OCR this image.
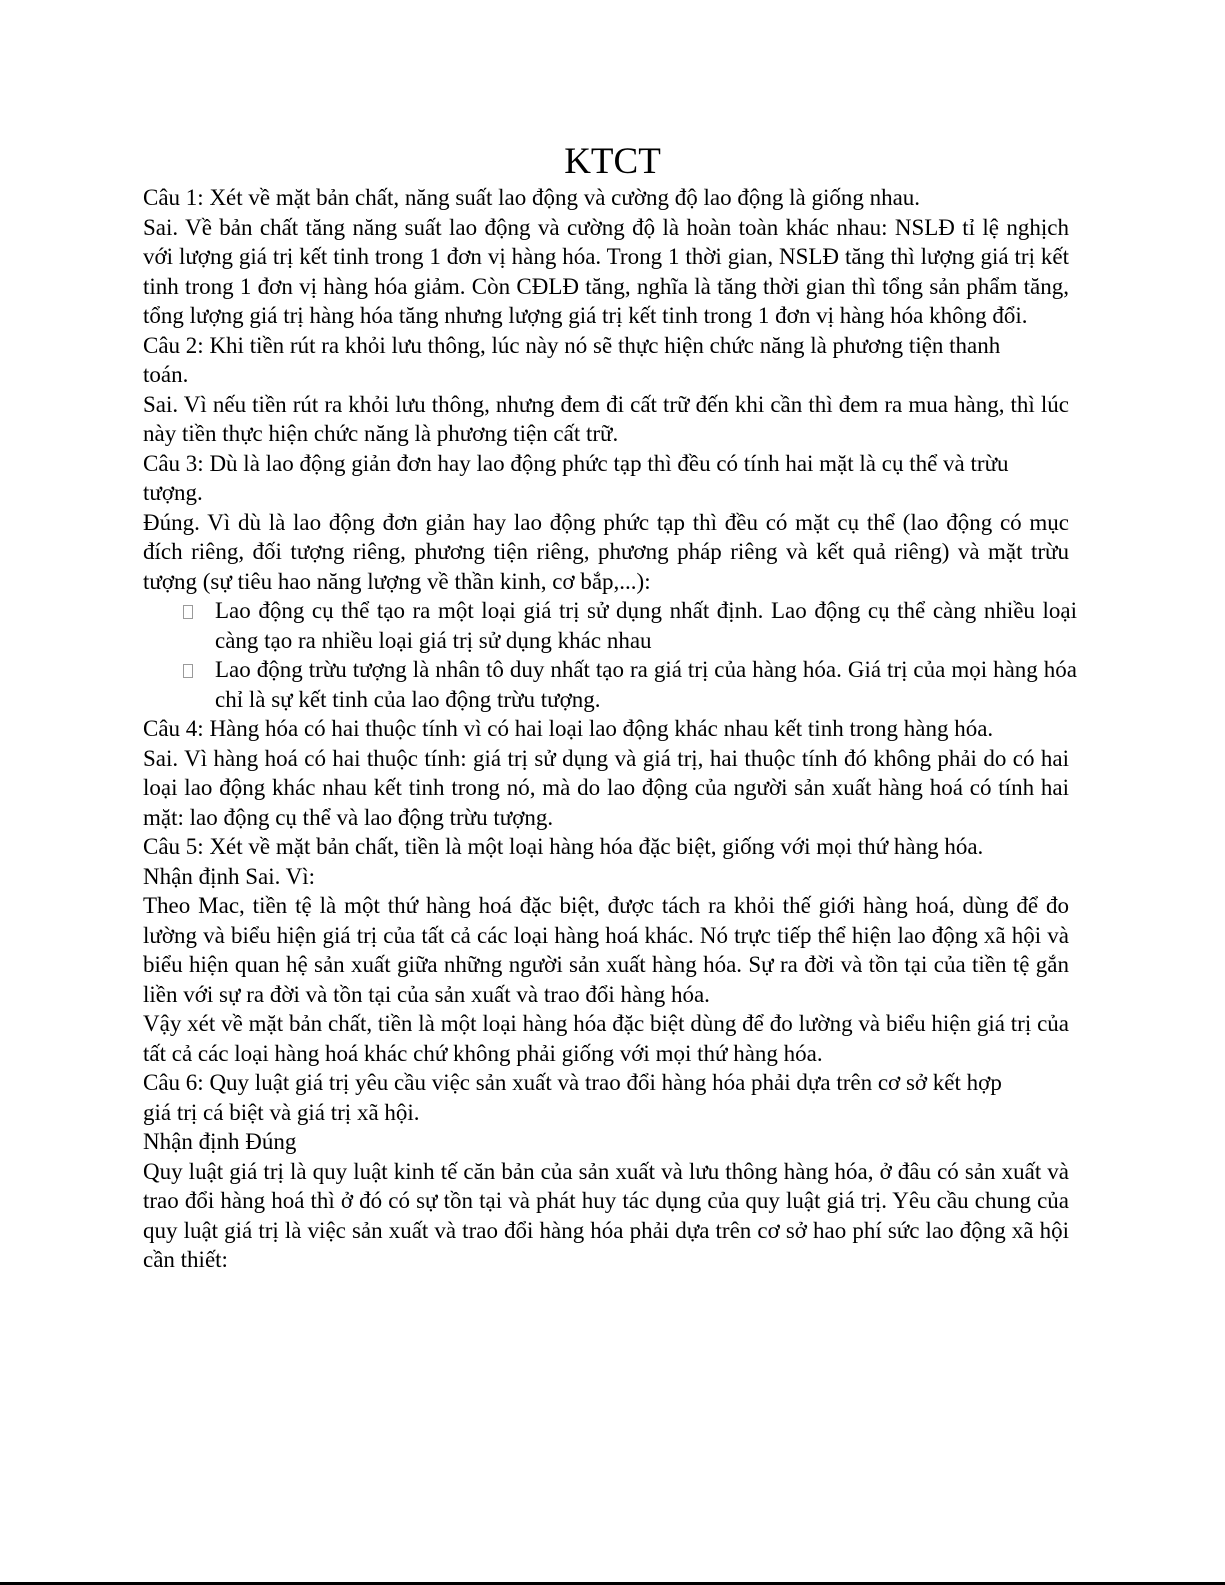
KTCT

Câu 1: Xét về mặt bản chất, năng suất lao động và cường độ lao động là giống nhau.

Sai. Về bản chất tăng năng suất lao động và cường độ là hoàn toàn khác nhau: NSLĐ tỉ lệ nghịch với lượng giá trị kết tinh trong 1 đơn vị hàng hóa. Trong 1 thời gian, NSLĐ tăng thì lượng giá trị kết tinh trong 1 đơn vị hàng hóa giảm. Còn CĐLĐ tăng, nghĩa là tăng thời gian thì tổng sản phẩm tăng, tổng lượng giá trị hàng hóa tăng nhưng lượng giá trị kết tinh trong 1 đơn vị hàng hóa không đổi.

Câu 2: Khi tiền rút ra khỏi lưu thông, lúc này nó sẽ thực hiện chức năng là phương tiện thanh toán.

Sai. Vì nếu tiền rút ra khỏi lưu thông, nhưng đem đi cất trữ đến khi cần thì đem ra mua hàng, thì lúc này tiền thực hiện chức năng là phương tiện cất trữ.

Câu 3: Dù là lao động giản đơn hay lao động phức tạp thì đều có tính hai mặt là cụ thể và trừu tượng.

Đúng. Vì dù là lao động đơn giản hay lao động phức tạp thì đều có mặt cụ thể (lao động có mục đích riêng, đối tượng riêng, phương tiện riêng, phương pháp riêng và kết quả riêng) và mặt trừu tượng (sự tiêu hao năng lượng về thần kinh, cơ bắp,...):

Lao động cụ thể tạo ra một loại giá trị sử dụng nhất định. Lao động cụ thể càng nhiều loại càng tạo ra nhiều loại giá trị sử dụng khác nhau
Lao động trừu tượng là nhân tô duy nhất tạo ra giá trị của hàng hóa. Giá trị của mọi hàng hóa chỉ là sự kết tinh của lao động trừu tượng.

Câu 4: Hàng hóa có hai thuộc tính vì có hai loại lao động khác nhau kết tinh trong hàng hóa.

Sai. Vì hàng hoá có hai thuộc tính: giá trị sử dụng và giá trị, hai thuộc tính đó không phải do có hai loại lao động khác nhau kết tinh trong nó, mà do lao động của người sản xuất hàng hoá có tính hai mặt: lao động cụ thể và lao động trừu tượng.

Câu 5: Xét về mặt bản chất, tiền là một loại hàng hóa đặc biệt, giống với mọi thứ hàng hóa.

Nhận định Sai. Vì:

Theo Mac, tiền tệ là một thứ hàng hoá đặc biệt, được tách ra khỏi thế giới hàng hoá, dùng để đo lường và biểu hiện giá trị của tất cả các loại hàng hoá khác. Nó trực tiếp thể hiện lao động xã hội và biểu hiện quan hệ sản xuất giữa những người sản xuất hàng hóa. Sự ra đời và tồn tại của tiền tệ gắn liền với sự ra đời và tồn tại của sản xuất và trao đổi hàng hóa.

Vậy xét về mặt bản chất, tiền là một loại hàng hóa đặc biệt dùng để đo lường và biểu hiện giá trị của tất cả các loại hàng hoá khác chứ không phải giống với mọi thứ hàng hóa.

Câu 6: Quy luật giá trị yêu cầu việc sản xuất và trao đổi hàng hóa phải dựa trên cơ sở kết hợp giá trị cá biệt và giá trị xã hội.

Nhận định Đúng

Quy luật giá trị là quy luật kinh tế căn bản của sản xuất và lưu thông hàng hóa, ở đâu có sản xuất và trao đổi hàng hoá thì ở đó có sự tồn tại và phát huy tác dụng của quy luật giá trị. Yêu cầu chung của quy luật giá trị là việc sản xuất và trao đổi hàng hóa phải dựa trên cơ sở hao phí sức lao động xã hội cần thiết:
